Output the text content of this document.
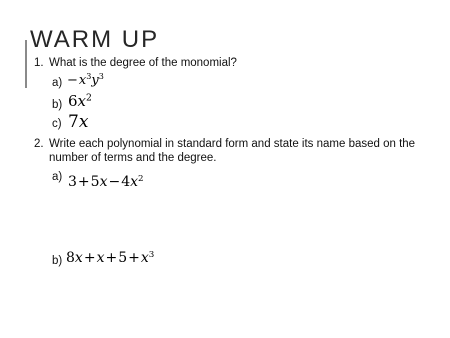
WARM UP
1. What is the degree of the monomial?
$a) -x^3y^3$
b) $6x^2$
c) 7x
2. Write each polynomial in standard form and state its name based on the number of terms and the degree.
a) $3+5x-4x^2$
b) $8x+x+5+x^3$
